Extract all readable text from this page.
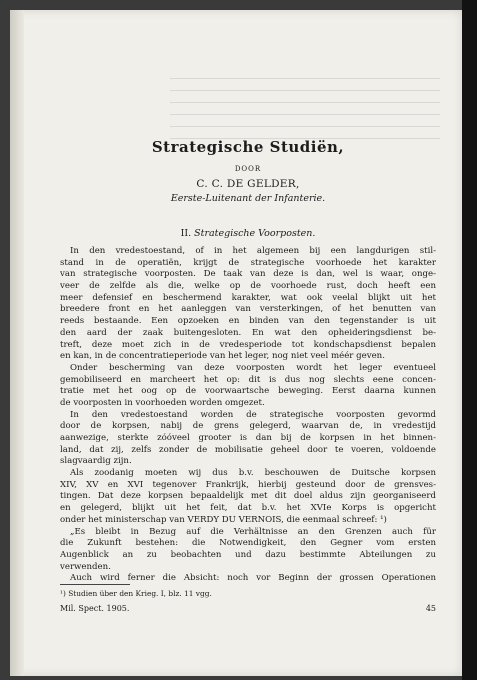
Strategische Studiën,
DOOR
C. C. DE GELDER,
Eerste-Luitenant der Infanterie.
II. Strategische Voorposten.
In den vredestoestand, of in het algemeen bij een langdurigen stil-
stand in de operatiën, krijgt de strategische voorhoede het karakter
van strategische voorposten. De taak van deze is dan, wel is waar, onge-
veer de zelfde als die, welke op de voorhoede rust, doch heeft een
meer defensief en beschermend karakter, wat ook veelal blijkt uit het
breedere front en het aanleggen van versterkingen, of het benutten van
reeds bestaande. Een opzoeken en binden van den tegenstander is uit
den aard der zaak buitengesloten. En wat den opheideringsdienst be-
treft, deze moet zich in de vredesperiode tot kondschapsdienst bepalen
en kan, in de concentratieperiode van het leger, nog niet veel méér geven.
Onder bescherming van deze voorposten wordt het leger eventueel
gemobiliseerd en marcheert het op: dit is dus nog slechts eene concen-
tratie met het oog op de voorwaartsche beweging. Eerst daarna kunnen
de voorposten in voorhoeden worden omgezet.
In den vredestoestand worden de strategische voorposten gevormd
door de korpsen, nabij de grens gelegerd, waarvan de, in vredestijd
aanwezige, sterkte zóóveel grooter is dan bij de korpsen in het binnen-
land, dat zij, zelfs zonder de mobilisatie geheel door te voeren, voldoende
slagvaardig zijn.
Als zoodanig moeten wij dus b.v. beschouwen de Duitsche korpsen
XIV, XV en XVI tegenover Frankrijk, hierbij gesteund door de grensves-
tingen. Dat deze korpsen bepaaldelijk met dit doel aldus zijn georganiseerd
en gelegerd, blijkt uit het feit, dat b.v. het XVIe Korps is opgericht
onder het ministerschap van VERDY DU VERNOIS, die eenmaal schreef: ¹)
„Es bleibt in Bezug auf die Verhältnisse an den Grenzen auch für
die Zukunft bestehen: die Notwendigkeit, den Gegner vom ersten
Augenblick an zu beobachten und dazu bestimmte Abteilungen zu
verwenden.
Auch wird ferner die Absicht: noch vor Beginn der grossen Operationen
¹) Studien über den Krieg. I, blz. 11 vgg.
Mil. Spect. 1905.	45
